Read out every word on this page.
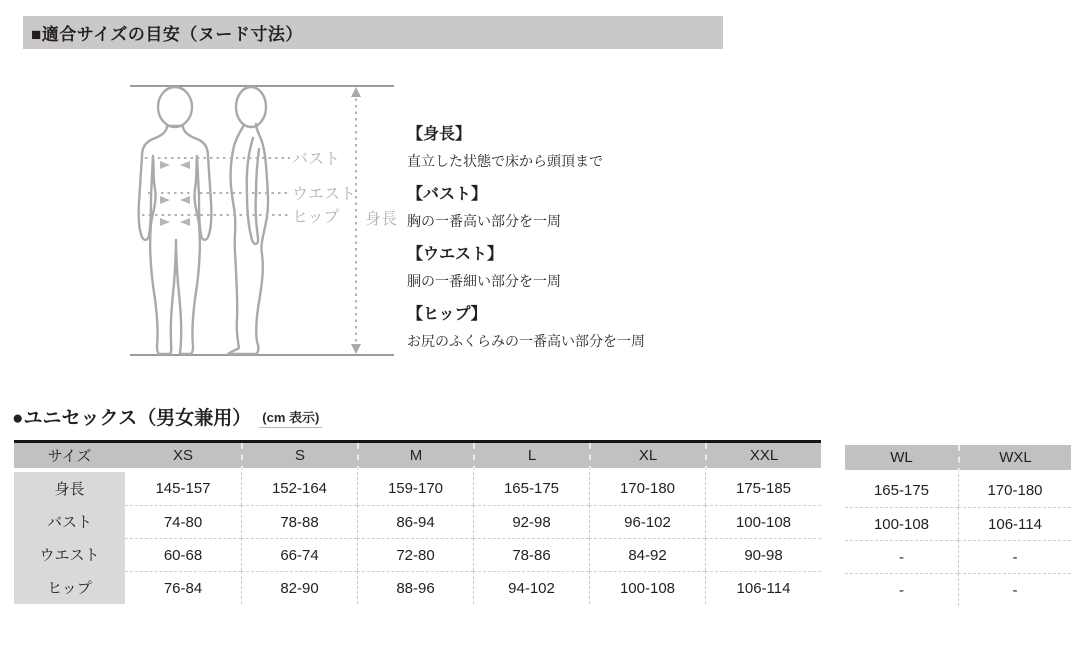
■適合サイズの目安（ヌード寸法）
バスト
ウエスト
ヒップ 身長

【身長】

直立した状態で床から頭頂まで

【バスト】

胸の一番高い部分を一周

【ウエスト】

胴の一番細い部分を一周

【ヒップ】

お尻のふくらみの一番高い部分を一周

●ユニセックス（男女兼用） (cm 表示)
サイズ	XS	S	M	L	XL	XXL
身長	145-157	152-164	159-170	165-175	170-180	175-185
バスト	74-80	78-88	86-94	92-98	96-102	100-108
ウエスト	60-68	66-74	72-80	78-86	84-92	90-98
ヒップ	76-84	82-90	88-96	94-102	100-108	106-114
WL	WXL
165-175	170-180
100-108	106-114
-	-
-	-
